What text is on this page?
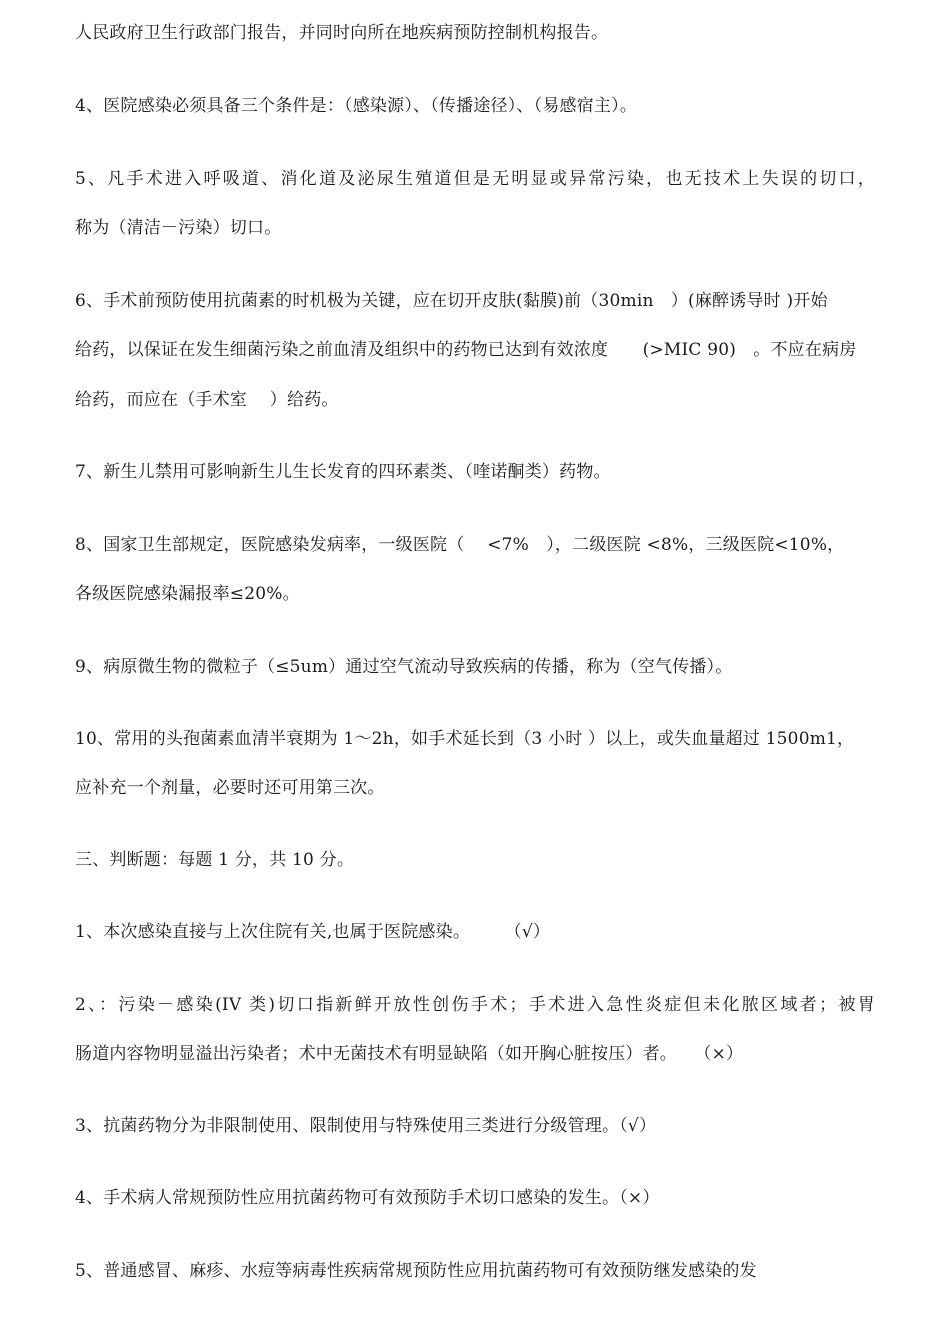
人民政府卫生行政部门报告，并同时向所在地疾病预防控制机构报告。
4、医院感染必须具备三个条件是：（感染源）、（传播途径）、（易感宿主）。
5、凡手术进入呼吸道、消化道及泌尿生殖道但是无明显或异常污染，也无技术上失误的切口，
称为（清洁－污染）切口。
6、手术前预防使用抗菌素的时机极为关键，应在切开皮肤(黏膜)前（30min　）(麻醉诱导时 )开始
给药，以保证在发生细菌污染之前血清及组织中的药物已达到有效浓度　　(>MIC 90)　。不应在病房
给药，而应在（手术室　 ）给药。
7、新生儿禁用可影响新生儿生长发育的四环素类、（喹诺酮类）药物。
8、国家卫生部规定，医院感染发病率，一级医院（　 <7%　），二级医院 <8%，三级医院<10%，
各级医院感染漏报率≤20%。
9、病原微生物的微粒子（≤5um）通过空气流动导致疾病的传播，称为（空气传播）。
10、常用的头孢菌素血清半衰期为 1～2h，如手术延长到（3 小时 ）以上，或失血量超过 1500m1，
应补充一个剂量，必要时还可用第三次。
三、判断题：每题 1 分，共 10 分。
1、本次感染直接与上次住院有关,也属于医院感染。　　　（√）
2、：污染－感染(IV 类)切口指新鲜开放性创伤手术；手术进入急性炎症但未化脓区域者；被胃
肠道内容物明显溢出污染者；术中无菌技术有明显缺陷（如开胸心脏按压）者。　　（×）
3、抗菌药物分为非限制使用、限制使用与特殊使用三类进行分级管理。（√）
4、手术病人常规预防性应用抗菌药物可有效预防手术切口感染的发生。（×）
5、普通感冒、麻疹、水痘等病毒性疾病常规预防性应用抗菌药物可有效预防继发感染的发
